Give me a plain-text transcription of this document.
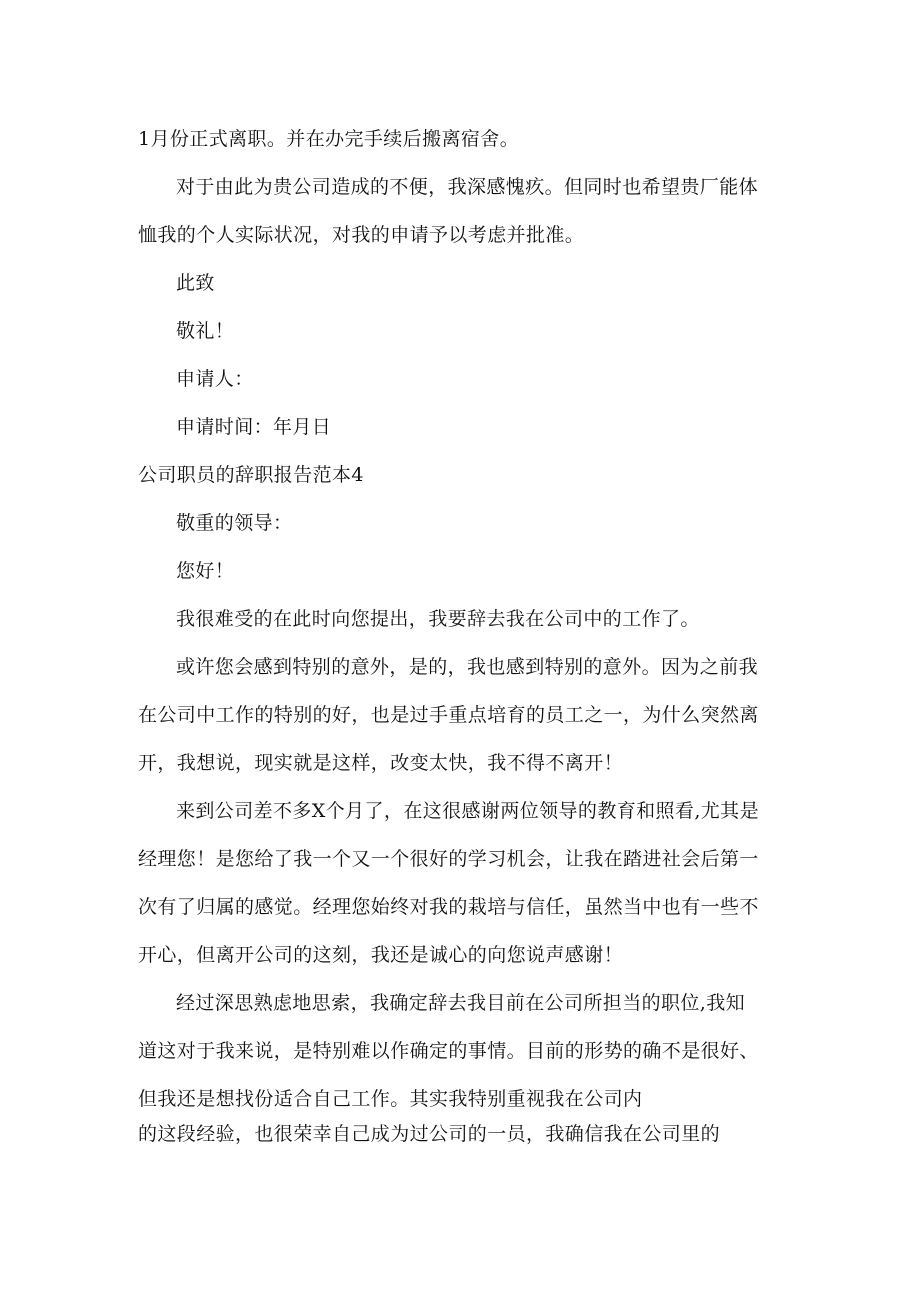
1月份正式离职。并在办完手续后搬离宿舍。
对于由此为贵公司造成的不便，我深感愧疚。但同时也希望贵厂能体
恤我的个人实际状况，对我的申请予以考虑并批准。
此致
敬礼！
申请人：
申请时间：年月日
公司职员的辞职报告范本4
敬重的领导：
您好！
我很难受的在此时向您提出，我要辞去我在公司中的工作了。
或许您会感到特别的意外，是的，我也感到特别的意外。因为之前我
在公司中工作的特别的好，也是过手重点培育的员工之一，为什么突然离
开，我想说，现实就是这样，改变太快，我不得不离开！
来到公司差不多X个月了，在这很感谢两位领导的教育和照看,尤其是
经理您！是您给了我一个又一个很好的学习机会，让我在踏进社会后第一
次有了归属的感觉。经理您始终对我的栽培与信任，虽然当中也有一些不
开心，但离开公司的这刻，我还是诚心的向您说声感谢！
经过深思熟虑地思索，我确定辞去我目前在公司所担当的职位,我知
道这对于我来说，是特别难以作确定的事情。目前的形势的确不是很好、
但我还是想找份适合自己工作。其实我特别重视我在公司内
的这段经验，也很荣幸自己成为过公司的一员，我确信我在公司里的
